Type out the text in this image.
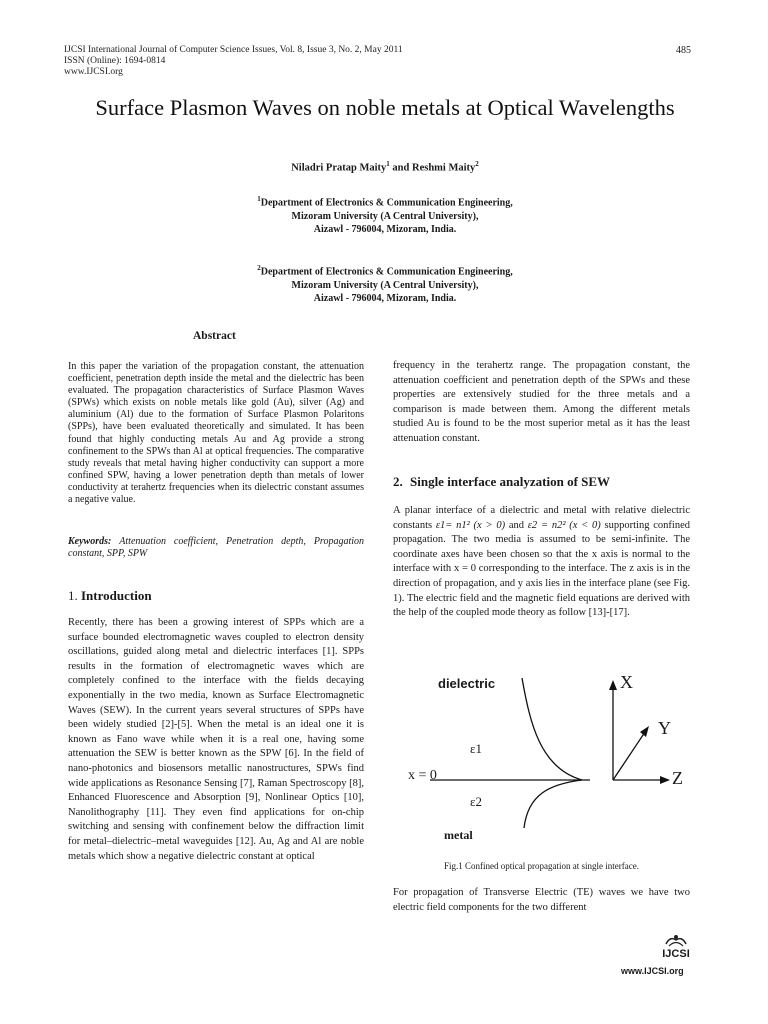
IJCSI International Journal of Computer Science Issues, Vol. 8, Issue 3, No. 2, May 2011
ISSN (Online): 1694-0814
www.IJCSI.org
485
Surface Plasmon Waves on noble metals at Optical Wavelengths
Niladri Pratap Maity$^1$ and Reshmi Maity$^2$
$^1$Department of Electronics & Communication Engineering,
Mizoram University (A Central University),
Aizawl - 796004, Mizoram, India.
$^2$Department of Electronics & Communication Engineering,
Mizoram University (A Central University),
Aizawl - 796004, Mizoram, India.
Abstract
In this paper the variation of the propagation constant, the attenuation coefficient, penetration depth inside the metal and the dielectric has been evaluated. The propagation characteristics of Surface Plasmon Waves (SPWs) which exists on noble metals like gold (Au), silver (Ag) and aluminium (Al) due to the formation of Surface Plasmon Polaritons (SPPs), have been evaluated theoretically and simulated. It has been found that highly conducting metals Au and Ag provide a strong confinement to the SPWs than Al at optical frequencies. The comparative study reveals that metal having higher conductivity can support a more confined SPW, having a lower penetration depth than metals of lower conductivity at terahertz frequencies when its dielectric constant assumes a negative value.
Keywords: Attenuation coefficient, Penetration depth, Propagation constant, SPP, SPW
1. Introduction
Recently, there has been a growing interest of SPPs which are a surface bounded electromagnetic waves coupled to electron density oscillations, guided along metal and dielectric interfaces [1]. SPPs results in the formation of electromagnetic waves which are completely confined to the interface with the fields decaying exponentially in the two media, known as Surface Electromagnetic Waves (SEW). In the current years several structures of SPPs have been widely studied [2]-[5]. When the metal is an ideal one it is known as Fano wave while when it is a real one, having some attenuation the SEW is better known as the SPW [6]. In the field of nano-photonics and biosensors metallic nanostructures, SPWs find wide applications as Resonance Sensing [7], Raman Spectroscopy [8], Enhanced Fluorescence and Absorption [9], Nonlinear Optics [10], Nanolithography [11]. They even find applications for on-chip switching and sensing with confinement below the diffraction limit for metal–dielectric–metal waveguides [12]. Au, Ag and Al are noble metals which show a negative dielectric constant at optical
frequency in the terahertz range. The propagation constant, the attenuation coefficient and penetration depth of the SPWs and these properties are extensively studied for the three metals and a comparison is made between them. Among the different metals studied Au is found to be the most superior metal as it has the least attenuation constant.
2. Single interface analyzation of SEW
A planar interface of a dielectric and metal with relative dielectric constants ε1= n1² (x > 0) and ε2 = n2² (x < 0) supporting confined propagation. The two media is assumed to be semi-infinite. The coordinate axes have been chosen so that the x axis is normal to the interface with x = 0 corresponding to the interface. The z axis is in the direction of propagation, and y axis lies in the interface plane (see Fig. 1). The electric field and the magnetic field equations are derived with the help of the coupled mode theory as follow [13]-[17].
dielectric
metal
x = 0
ε1
ε2
X
Y
Z
Fig.1 Confined optical propagation at single interface.
For propagation of Transverse Electric (TE) waves we have two electric field components for the two different
IJCSI
www.IJCSI.org
